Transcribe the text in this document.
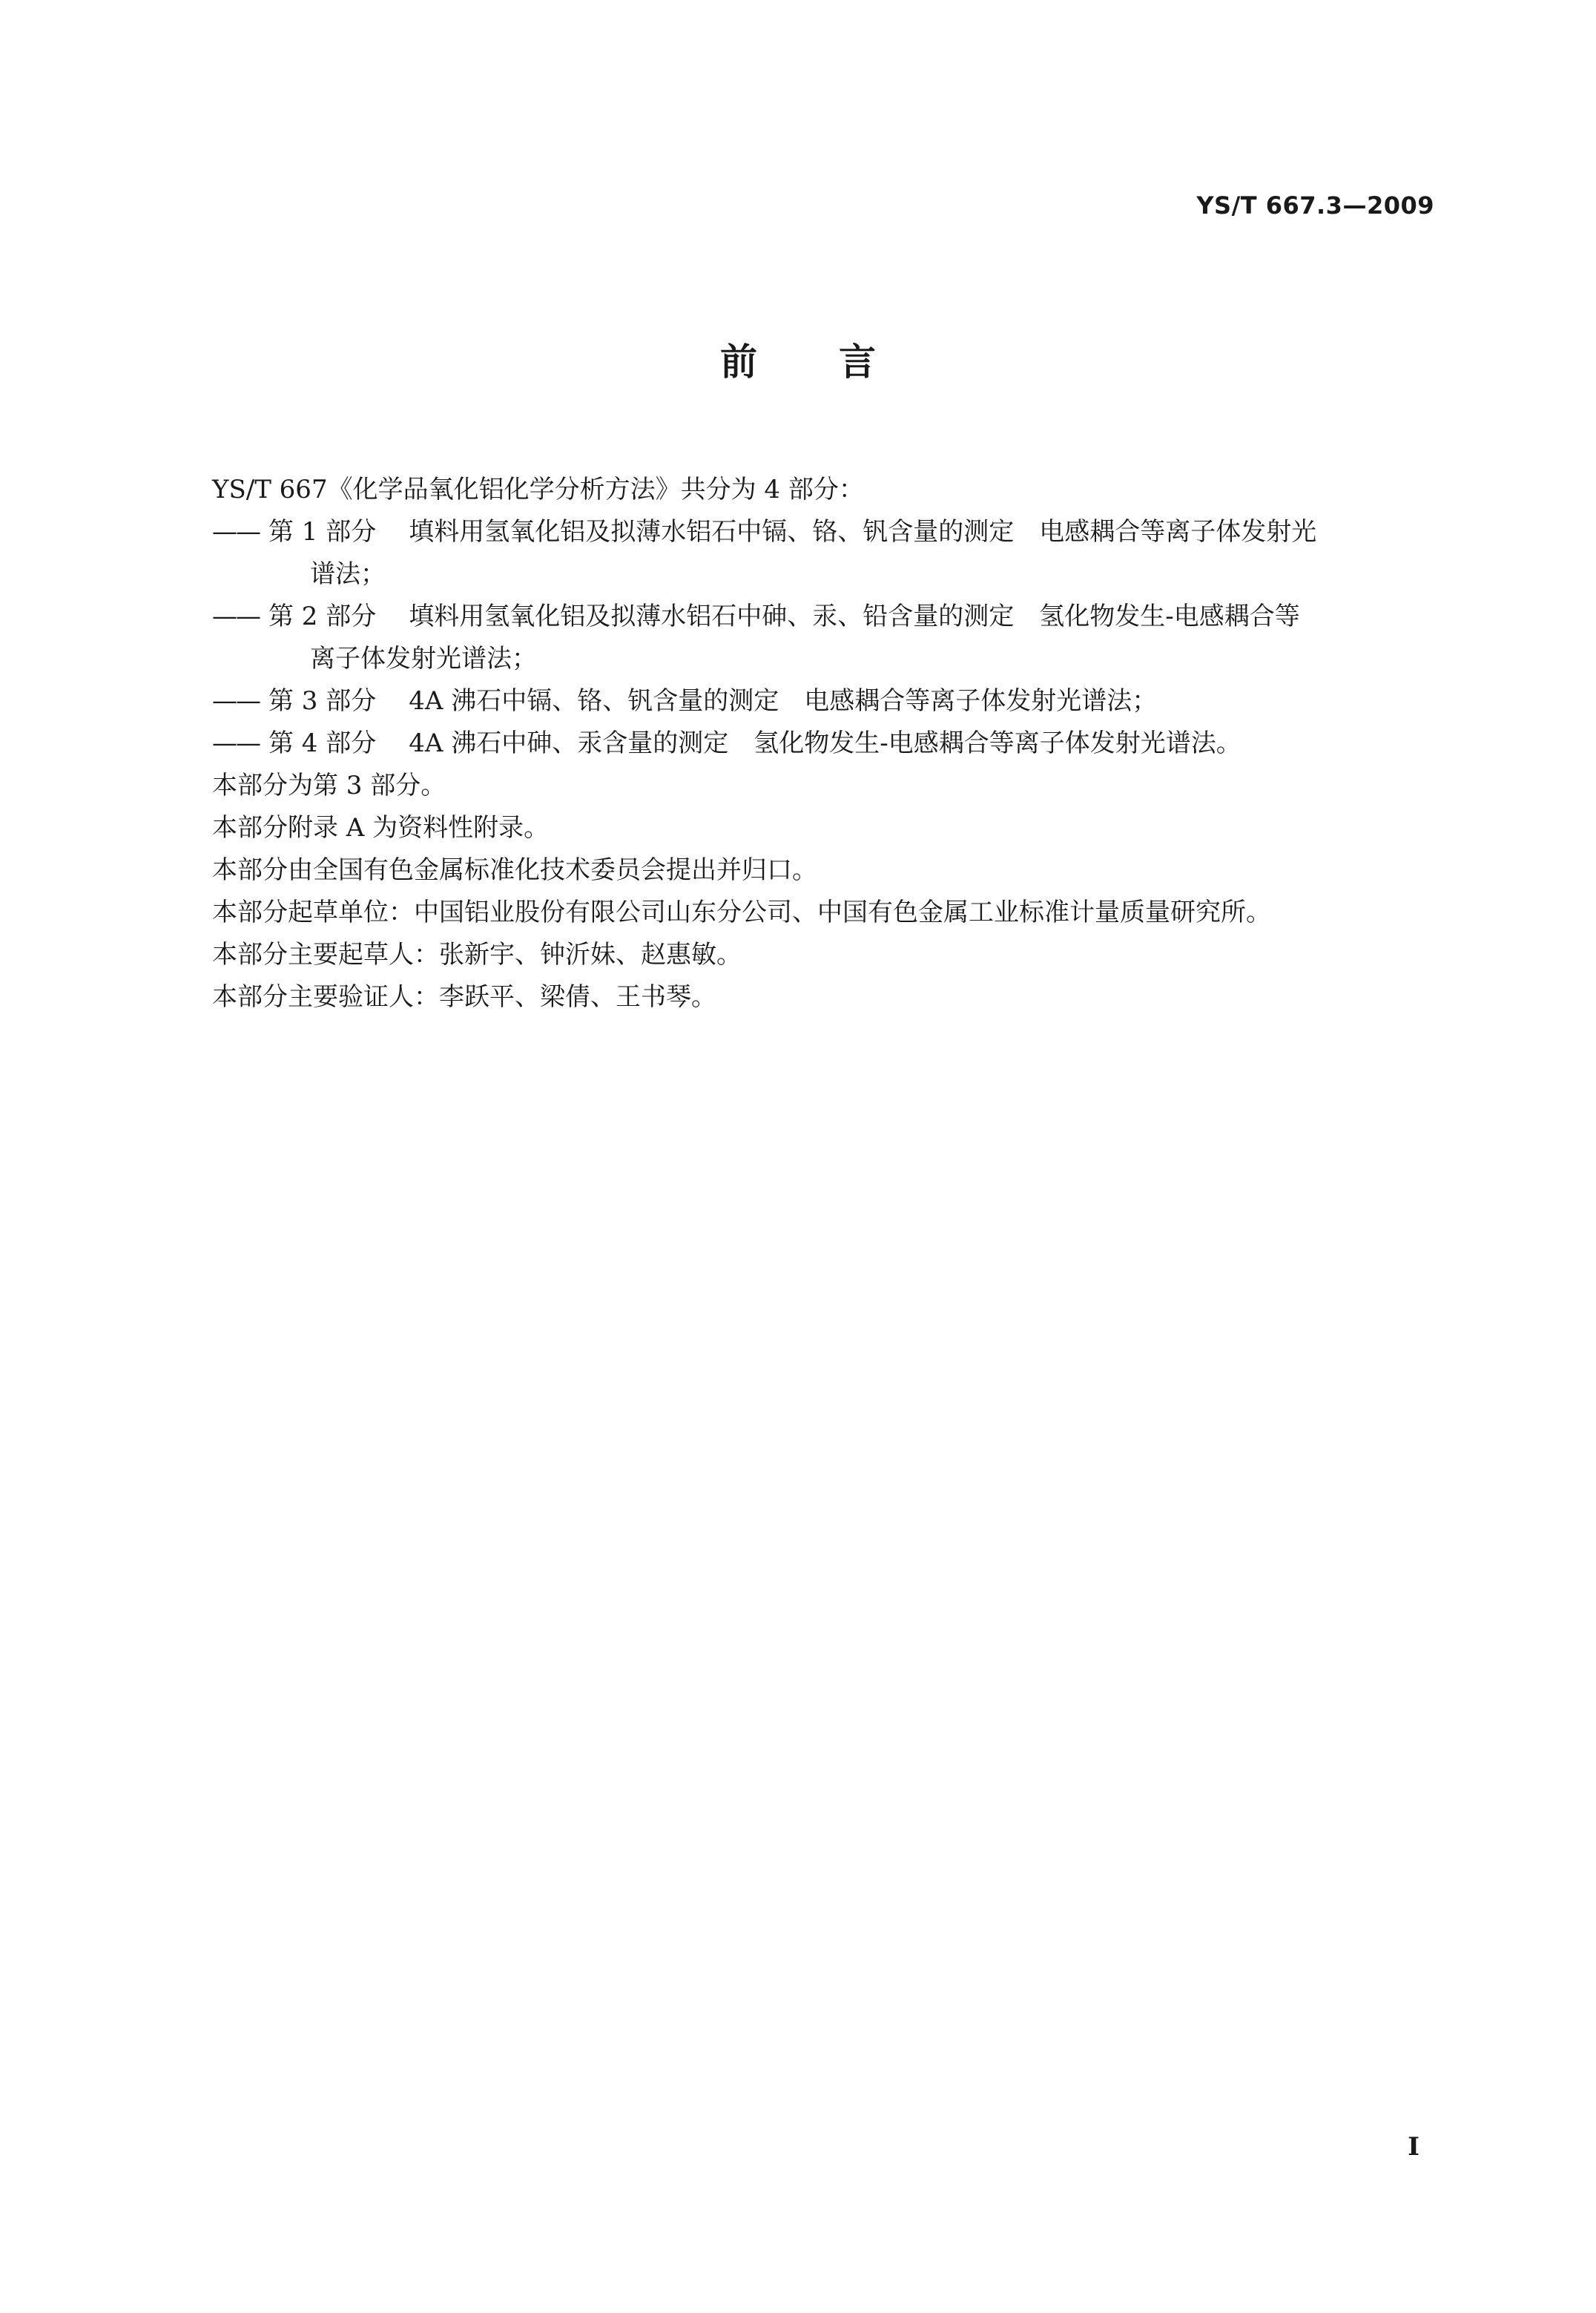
YS/T 667.3—2009
前言

YS/T 667《化学品氧化铝化学分析方法》共分为 4 部分：

—— 第 1 部分 填料用氢氧化铝及拟薄水铝石中镉、铬、钒含量的测定　电感耦合等离子体发射光
谱法；
—— 第 2 部分 填料用氢氧化铝及拟薄水铝石中砷、汞、铅含量的测定　氢化物发生-电感耦合等
离子体发射光谱法；
—— 第 3 部分 4A 沸石中镉、铬、钒含量的测定　电感耦合等离子体发射光谱法；
—— 第 4 部分 4A 沸石中砷、汞含量的测定　氢化物发生-电感耦合等离子体发射光谱法。

本部分为第 3 部分。

本部分附录 A 为资料性附录。

本部分由全国有色金属标准化技术委员会提出并归口。

本部分起草单位：中国铝业股份有限公司山东分公司、中国有色金属工业标准计量质量研究所。

本部分主要起草人：张新宇、钟沂妹、赵惠敏。

本部分主要验证人：李跃平、梁倩、王书琴。

I
